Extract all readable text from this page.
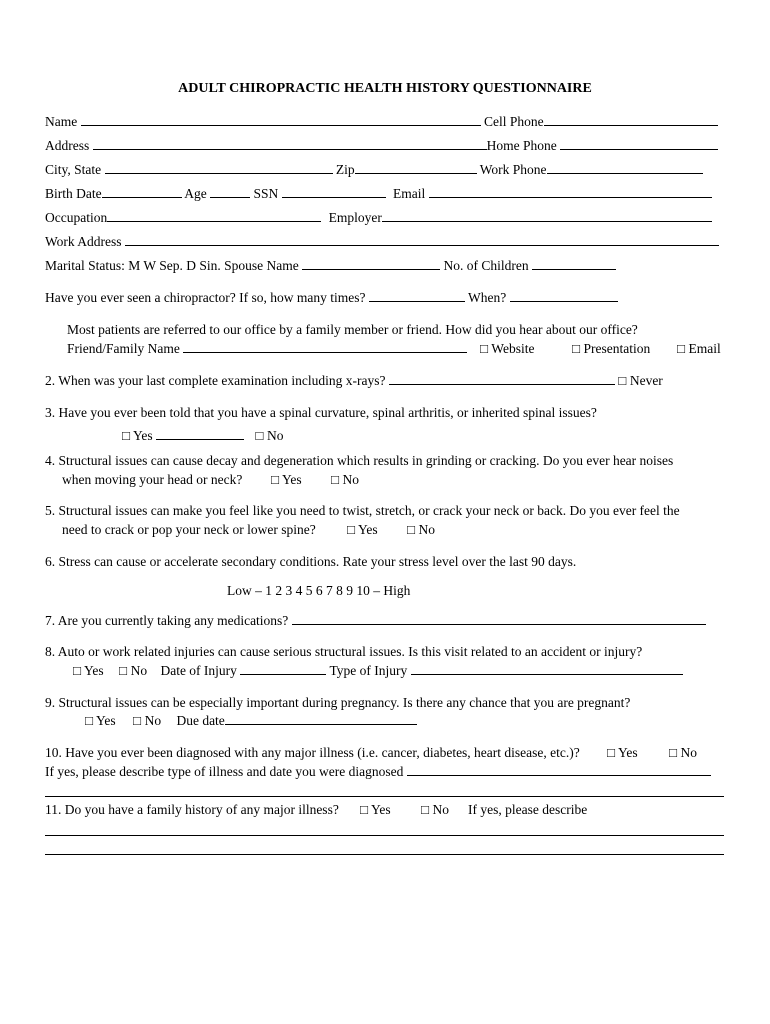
ADULT CHIROPRACTIC HEALTH HISTORY QUESTIONNAIRE
Name	Cell Phone
Address	Home Phone
City, State	Zip	Work Phone
Birth Date	Age	SSN	Email
Occupation	Employer
Work Address
Marital Status: M W Sep. D Sin. Spouse Name	No. of Children
Have you ever seen a chiropractor? If so, how many times?	When?
Most patients are referred to our office by a family member or friend. How did you hear about our office?
Friend/Family Name	□ Website	□ Presentation □ Email
2. When was your last complete examination including x-rays?	□ Never
3. Have you ever been told that you have a spinal curvature, spinal arthritis, or inherited spinal issues?
□ Yes	□ No
4. Structural issues can cause decay and degeneration which results in grinding or cracking. Do you ever hear noises
when moving your head or neck? □ Yes □ No
5. Structural issues can make you feel like you need to twist, stretch, or crack your neck or back. Do you ever feel the
need to crack or pop your neck or lower spine? □ Yes □ No
6. Stress can cause or accelerate secondary conditions. Rate your stress level over the last 90 days.
Low – 1 2 3 4 5 6 7 8 9 10 – High
7. Are you currently taking any medications?
8. Auto or work related injuries can cause serious structural issues. Is this visit related to an accident or injury?
□ Yes □ No Date of Injury	Type of Injury
9. Structural issues can be especially important during pregnancy. Is there any chance that you are pregnant?
□ Yes □ No Due date
10. Have you ever been diagnosed with any major illness (i.e. cancer, diabetes, heart disease, etc.)? □ Yes □ No
If yes, please describe type of illness and date you were diagnosed
11. Do you have a family history of any major illness? □ Yes □ No If yes, please describe
